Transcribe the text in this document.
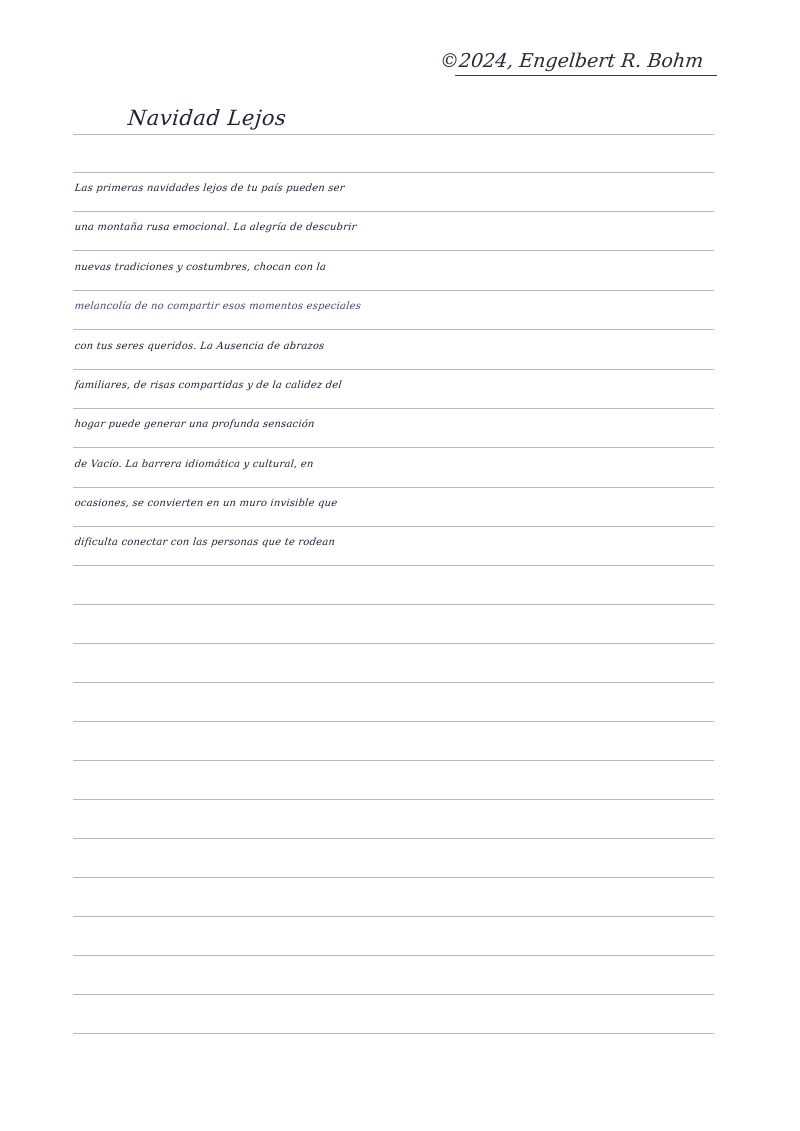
©2024, Engelbert R. Bohm
Navidad Lejos
Las primeras navidades lejos de tu país pueden ser
una montaña rusa emocional. La alegría de descubrir
nuevas tradiciones y costumbres, chocan con la
melancolía de no compartir esos momentos especiales
con tus seres queridos. La Ausencia de abrazos
familiares, de risas compartidas y de la calidez del
hogar puede generar una profunda sensación
de Vacío. La barrera idiomática y cultural, en
ocasiones, se convierten en un muro invisible que
dificulta conectar con las personas que te rodean
